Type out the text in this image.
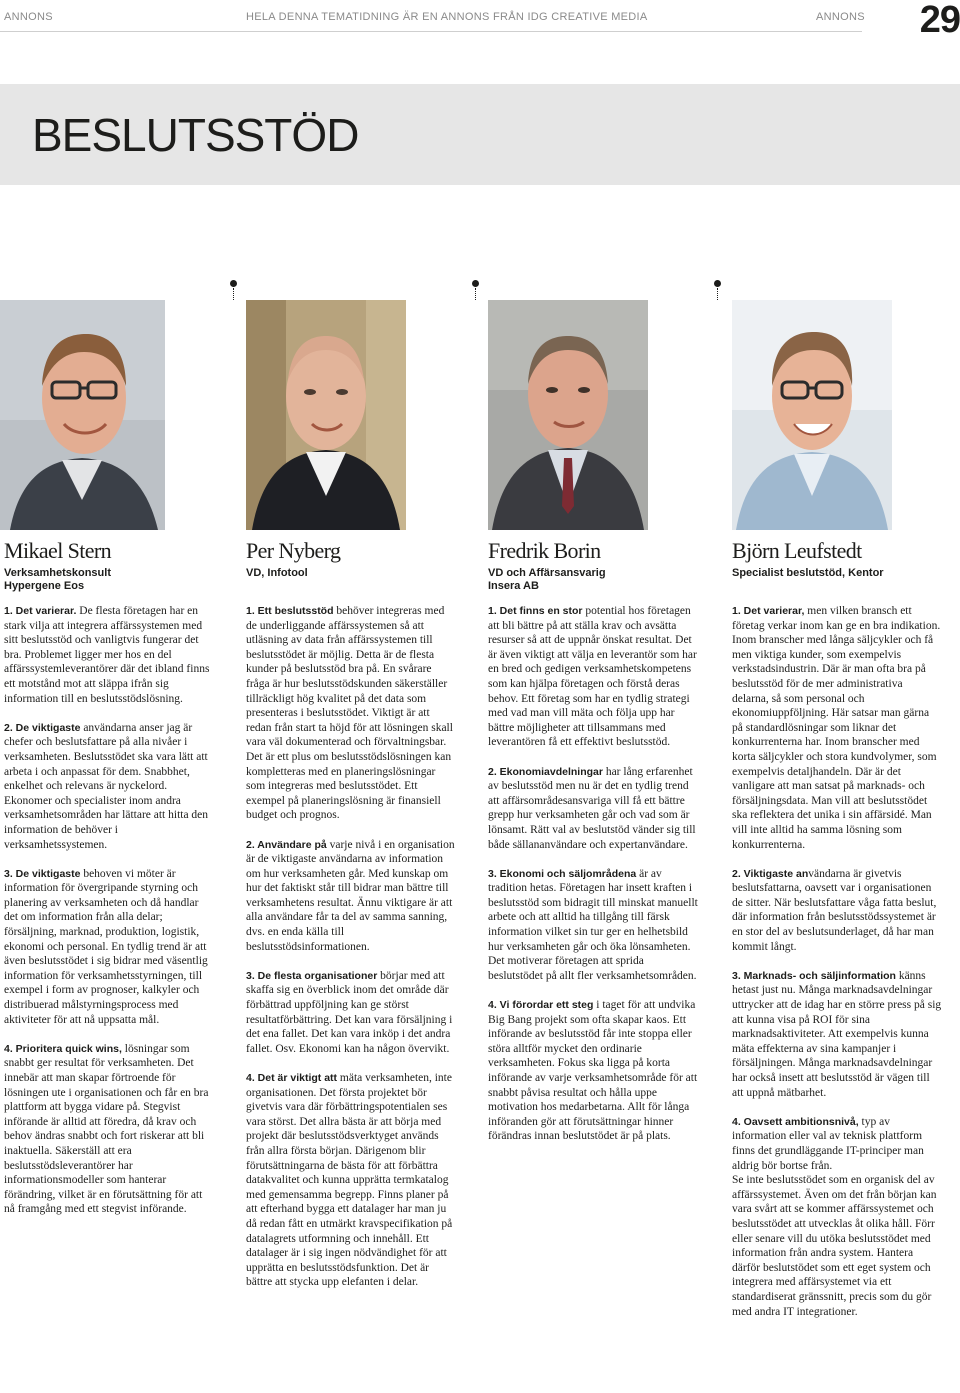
ANNONS	HELA DENNA TEMATIDNING ÄR EN ANNONS FRÅN IDG CREATIVE MEDIA	ANNONS	29
BESLUTSSTÖD
Mikael Stern
Verksamhetskonsult
Hypergene Eos

1. Det varierar. De flesta företagen har en stark vilja att integrera affärssystemen med sitt beslutsstöd och vanligtvis fungerar det bra. Problemet ligger mer hos en del affärssystemleverantörer där det ibland finns ett motstånd mot att släppa ifrån sig information till en beslutsstödslösning.

2. De viktigaste användarna anser jag är chefer och beslutsfattare på alla nivåer i verksamheten. Beslutsstödet ska vara lätt att arbeta i och anpassat för dem. Snabbhet, enkelhet och relevans är nyckelord. Ekonomer och specialister inom andra verksamhetsområden har lättare att hitta den information de behöver i verksamhetssystemen.

3. De viktigaste behoven vi möter är information för övergripande styrning och planering av verksamheten och då handlar det om information från alla delar; försäljning, marknad, produktion, logistik, ekonomi och personal. En tydlig trend är att även beslutsstödet i sig bidrar med väsentlig information för verksamhetsstyrningen, till exempel i form av prognoser, kalkyler och distribuerad målstyrningsprocess med aktiviteter för att nå uppsatta mål.

4. Prioritera quick wins, lösningar som snabbt ger resultat för verksamheten. Det innebär att man skapar förtroende för lösningen ute i organisationen och får en bra plattform att bygga vidare på. Stegvist införande är alltid att föredra, då krav och behov ändras snabbt och fort riskerar att bli inaktuella. Säkerställ att era beslutsstödsleverantörer har informationsmodeller som hanterar förändring, vilket är en förutsättning för att nå framgång med ett stegvist införande.

Per Nyberg
VD, Infotool

1. Ett beslutsstöd behöver integreras med de underliggande affärssystemen så att utläsning av data från affärssystemen till beslutsstödet är möjlig. Detta är de flesta kunder på beslutsstöd bra på. En svårare fråga är hur beslutsstödskunden säkerställer tillräckligt hög kvalitet på det data som presenteras i beslutsstödet. Viktigt är att redan från start ta höjd för att lösningen skall vara väl dokumenterad och förvaltningsbar. Det är ett plus om beslutsstödslösningen kan kompletteras med en planeringslösningar som integreras med beslutsstödet. Ett exempel på planeringslösning är finansiell budget och prognos.

2. Användare på varje nivå i en organisation är de viktigaste användarna av information om hur verksamheten går. Med kunskap om hur det faktiskt står till bidrar man bättre till verksamhetens resultat. Ännu viktigare är att alla användare får ta del av samma sanning, dvs. en enda källa till beslutsstödsinformationen.

3. De flesta organisationer börjar med att skaffa sig en överblick inom det område där förbättrad uppföljning kan ge störst resultatförbättring. Det kan vara försäljning i det ena fallet. Det kan vara inköp i det andra fallet. Osv. Ekonomi kan ha någon övervikt.

4. Det är viktigt att mäta verksamheten, inte organisationen. Det första projektet bör givetvis vara där förbättringspotentialen ses vara störst. Det allra bästa är att börja med projekt där beslutsstödsverktyget används från allra första början. Därigenom blir förutsättningarna de bästa för att förbättra datakvalitet och kunna upprätta termkatalog med gemensamma begrepp. Finns planer på att efterhand bygga ett datalager har man ju då redan fått en utmärkt kravspecifikation på datalagrets utformning och innehåll. Ett datalager är i sig ingen nödvändighet för att upprätta en beslutsstödsfunktion. Det är bättre att stycka upp elefanten i delar.

Fredrik Borin
VD och Affärsansvarig
Insera AB

1. Det finns en stor potential hos företagen att bli bättre på att ställa krav och avsätta resurser så att de uppnår önskat resultat. Det är även viktigt att välja en leverantör som har en bred och gedigen verksamhetskompetens som kan hjälpa företagen och förstå deras behov. Ett företag som har en tydlig strategi med vad man vill mäta och följa upp har bättre möjligheter att tillsammans med leverantören få ett effektivt beslutsstöd.

2. Ekonomiavdelningar har lång erfarenhet av beslutsstöd men nu är det en tydlig trend att affärsområdesansvariga vill få ett bättre grepp hur verksamheten går och vad som är lönsamt. Rätt val av beslutstöd vänder sig till både sällananvändare och expertanvändare.

3. Ekonomi och säljområdena är av tradition hetas. Företagen har insett kraften i beslutsstöd som bidragit till minskat manuellt arbete och att alltid ha tillgång till färsk information vilket sin tur ger en helhetsbild hur verksamheten går och öka lönsamheten. Det motiverar företagen att sprida beslutstödet på allt fler verksamhetsområden.

4. Vi förordar ett steg i taget för att undvika Big Bang projekt som ofta skapar kaos. Ett införande av beslutsstöd får inte stoppa eller störa alltför mycket den ordinarie verksamheten. Fokus ska ligga på korta införande av varje verksamhetsområde för att snabbt påvisa resultat och hålla uppe motivation hos medarbetarna. Allt för långa införanden gör att förutsättningar hinner förändras innan beslutstödet är på plats.

Björn Leufstedt
Specialist beslutstöd, Kentor

1. Det varierar, men vilken bransch ett företag verkar inom kan ge en bra indikation. Inom branscher med långa säljcykler och få men viktiga kunder, som exempelvis verkstadsindustrin. Där är man ofta bra på beslutsstöd för de mer administrativa delarna, så som personal och ekonomiuppföljning. Här satsar man gärna på standardlösningar som liknar det konkurrenterna har. Inom branscher med korta säljcykler och stora kundvolymer, som exempelvis detaljhandeln. Där är det vanligare att man satsat på marknads- och försäljningsdata. Man vill att beslutsstödet ska reflektera det unika i sin affärsidé. Man vill inte alltid ha samma lösning som konkurrenterna.

2. Viktigaste användarna är givetvis beslutsfattarna, oavsett var i organisationen de sitter. När beslutsfattare våga fatta beslut, där information från beslutsstödssystemet är en stor del av beslutsunderlaget, då har man kommit långt.

3. Marknads- och säljinformation känns hetast just nu. Många marknadsavdelningar uttrycker att de idag har en större press på sig att kunna visa på ROI för sina marknadsaktiviteter. Att exempelvis kunna mäta effekterna av sina kampanjer i försäljningen. Många marknadsavdelningar har också insett att beslutsstöd är vägen till att uppnå mätbarhet.

4. Oavsett ambitionsnivå, typ av information eller val av teknisk plattform finns det grundläggande IT-principer man aldrig bör bortse från.
Se inte beslutsstödet som en organisk del av affärssystemet. Även om det från början kan vara svårt att se kommer affärssystemet och beslutsstödet att utvecklas åt olika håll. Förr eller senare vill du utöka beslutsstödet med information från andra system. Hantera därför beslutstödet som ett eget system och integrera med affärsystemet via ett standardiserat gränssnitt, precis som du gör med andra IT integrationer.
